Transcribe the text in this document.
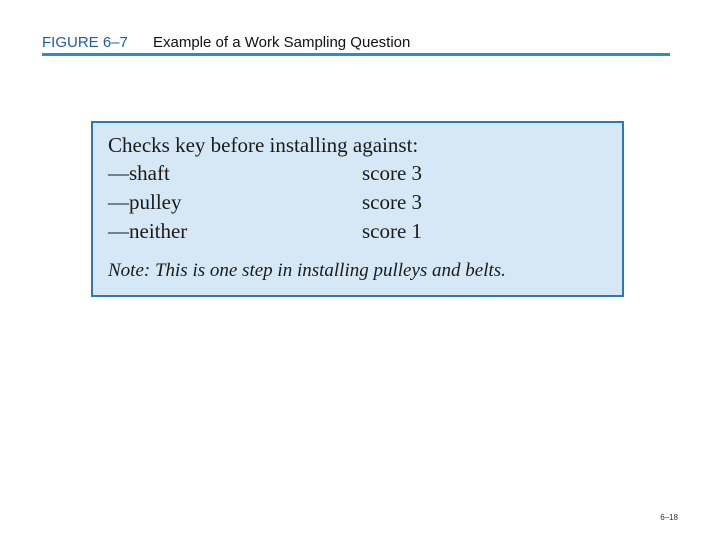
FIGURE 6–7 Example of a Work Sampling Question
Checks key before installing against:
—shaft	score 3
—pulley	score 3
—neither	score 1
Note: This is one step in installing pulleys and belts.
6–18
